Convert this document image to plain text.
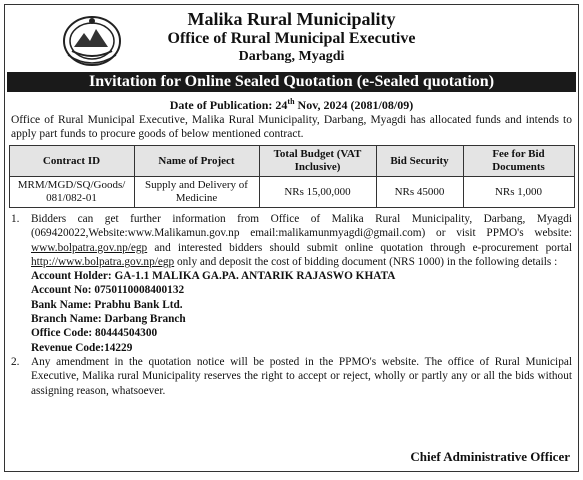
Malika Rural Municipality
Office of Rural Municipal Executive
Darbang, Myagdi
Invitation for Online Sealed Quotation (e-Sealed quotation)
Date of Publication: 24th Nov, 2024 (2081/08/09)
Office of Rural Municipal Executive, Malika Rural Municipality, Darbang, Myagdi has allocated funds and intends to apply part funds to procure goods of below mentioned contract.
Contract ID	Name of Project	Total Budget (VAT Inclusive)	Bid Security	Fee for Bid Documents
MRM/MGD/SQ/Goods/ 081/082-01	Supply and Delivery of Medicine	NRs 15,00,000	NRs 45000	NRs 1,000
1. Bidders can get further information from Office of Malika Rural Municipality, Darbang, Myagdi (069420022,Website:www.Malikamun.gov.np email:malikamunmyagdi@gmail.com) or visit PPMO's website: www.bolpatra.gov.np/egp and interested bidders should submit online quotation through e-procurement portal http://www.bolpatra.gov.np/egp only and deposit the cost of bidding document (NRS 1000) in the following details :
Account Holder: GA-1.1 MALIKA GA.PA. ANTARIK RAJASWO KHATA
Account No: 0750110008400132
Bank Name: Prabhu Bank Ltd.
Branch Name: Darbang Branch
Office Code: 80444504300
Revenue Code:14229
2. Any amendment in the quotation notice will be posted in the PPMO's website. The office of Rural Municipal Executive, Malika rural Municipality reserves the right to accept or reject, wholly or partly any or all the bids without assigning reason, whatsoever.
Chief Administrative Officer
